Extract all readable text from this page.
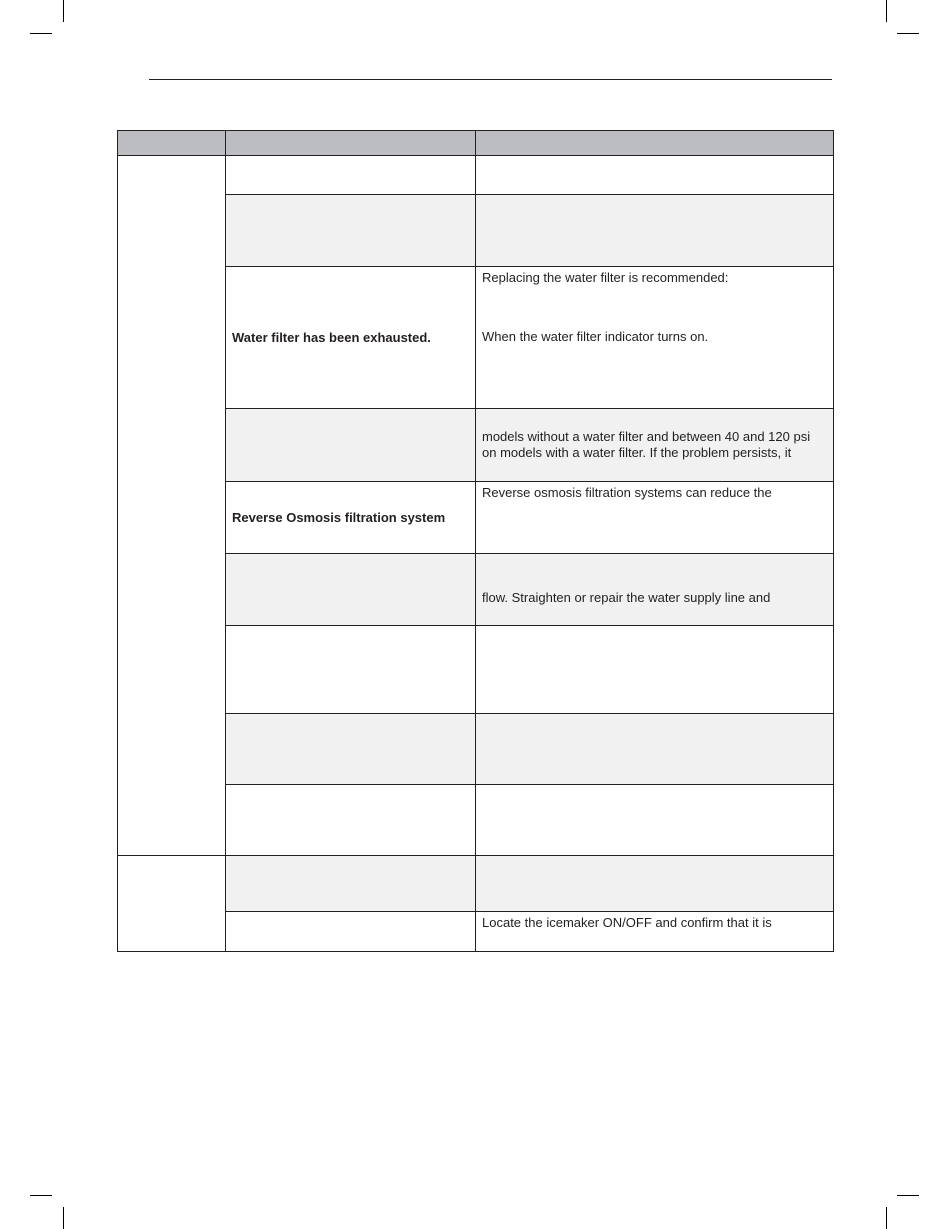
	Water filter has been exhausted.	Replacing the water filter is recommended:
When the water filter indicator turns on.

		models without a water filter and between 40 and 120 psi
on models with a water filter. If the problem persists, it

	Reverse Osmosis filtration system	Reverse osmosis filtration systems can reduce the

		flow. Straighten or repair the water supply line and

		Locate the icemaker ON/OFF and confirm that it is
